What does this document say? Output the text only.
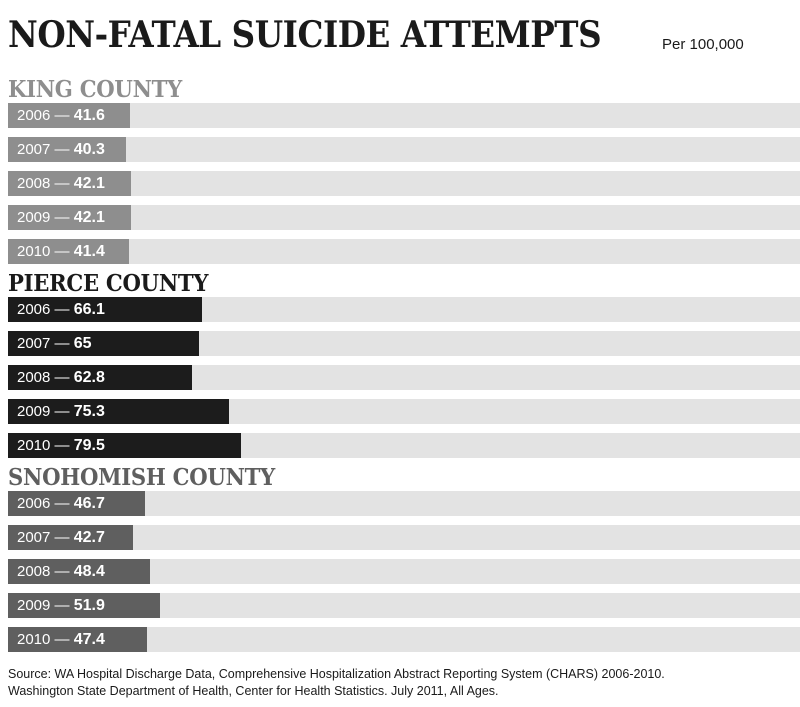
NON-FATAL SUICIDE ATTEMPTS	Per 100,000
KING COUNTY
2006 — 41.6
2007 — 40.3
2008 — 42.1
2009 — 42.1
2010 — 41.4
PIERCE COUNTY
2006 — 66.1
2007 — 65
2008 — 62.8
2009 — 75.3
2010 — 79.5
SNOHOMISH COUNTY
2006 — 46.7
2007 — 42.7
2008 — 48.4
2009 — 51.9
2010 — 47.4
Source: WA Hospital Discharge Data, Comprehensive Hospitalization Abstract Reporting System (CHARS) 2006-2010.
Washington State Department of Health, Center for Health Statistics. July 2011, All Ages.
